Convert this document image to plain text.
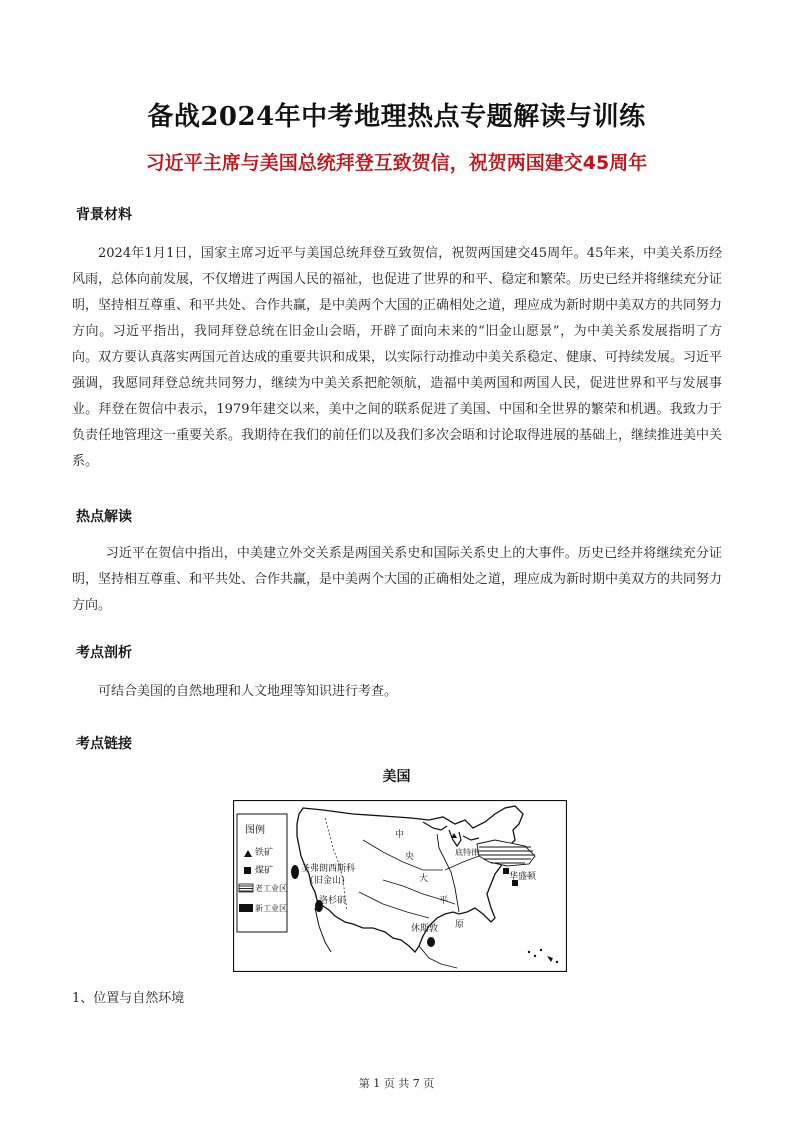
备战2024年中考地理热点专题解读与训练
习近平主席与美国总统拜登互致贺信，祝贺两国建交45周年
背景材料

2024年1月1日，国家主席习近平与美国总统拜登互致贺信，祝贺两国建交45周年。45年来，中美关系历经风雨，总体向前发展，不仅增进了两国人民的福祉，也促进了世界的和平、稳定和繁荣。历史已经并将继续充分证明，坚持相互尊重、和平共处、合作共赢，是中美两个大国的正确相处之道，理应成为新时期中美双方的共同努力方向。习近平指出，我同拜登总统在旧金山会晤，开辟了面向未来的“旧金山愿景”，为中美关系发展指明了方向。双方要认真落实两国元首达成的重要共识和成果，以实际行动推动中美关系稳定、健康、可持续发展。习近平强调，我愿同拜登总统共同努力，继续为中美关系把舵领航，造福中美两国和两国人民，促进世界和平与发展事业。拜登在贺信中表示，1979年建交以来，美中之间的联系促进了美国、中国和全世界的繁荣和机遇。我致力于负责任地管理这一重要关系。我期待在我们的前任们以及我们多次会晤和讨论取得进展的基础上，继续推进美中关系。

热点解读

习近平在贺信中指出，中美建立外交关系是两国关系史和国际关系史上的大事件。历史已经并将继续充分证明，坚持相互尊重、和平共处、合作共赢，是中美两个大国的正确相处之道，理应成为新时期中美双方的共同努力方向。

考点剖析

可结合美国的自然地理和人文地理等知识进行考查。

考点链接
美国
图例
铁矿
煤矿
老工业区
新工业区
圣弗朗西斯科
（旧金山）
洛杉矶
休斯敦
底特律
华盛顿
中
央
大
平
原
1、位置与自然环境
第 1 页 共 7 页
